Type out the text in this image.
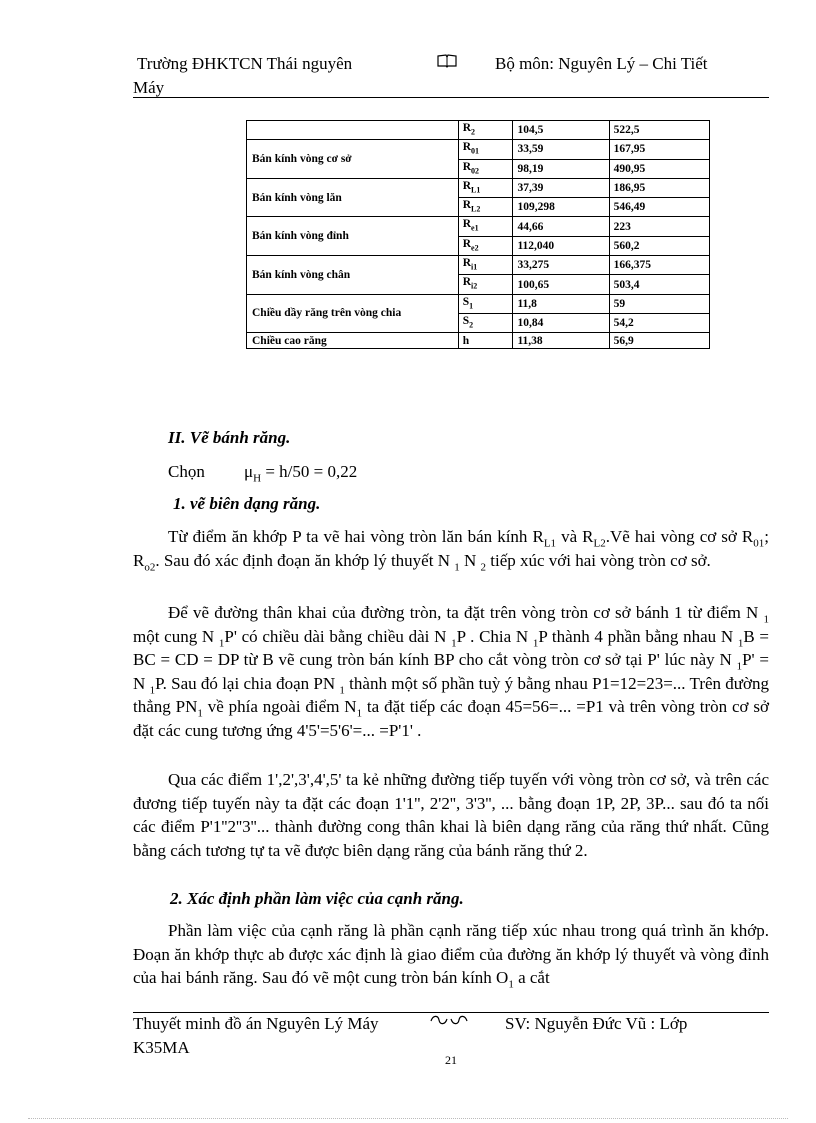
Trường ĐHKTCN Thái nguyên	Bộ môn: Nguyên Lý – Chi Tiết
Máy
	$R_2$	104,5	522,5
Bán kính vòng cơ sở	$R_{01}$	33,59	167,95
	$R_{02}$	98,19	490,95
Bán kính vòng lăn	$R_{L1}$	37,39	186,95
	$R_{L2}$	109,298	546,49
Bán kính vòng đỉnh	$R_{e1}$	44,66	223
	$R_{e2}$	112,040	560,2
Bán kính vòng chân	$R_{i1}$	33,275	166,375
	$R_{i2}$	100,65	503,4
Chiều dầy răng trên vòng chia	$S_1$	11,8	59
	$S_2$	10,84	54,2
Chiều cao răng	h	11,38	56,9
II. Vẽ bánh răng.
Chọn $\mu_H = h/50 = 0,22$
1. vẽ biên dạng răng.
Từ điểm ăn khớp P ta vẽ hai vòng tròn lăn bán kính $R_{L1}$ và $R_{L2}.Vẽ$ hai vòng cơ sở $R_{01}$; $R_{o2}$. Sau đó xác định đoạn ăn khớp lý thuyết N $_1$ N $_2$ tiếp xúc với hai vòng tròn cơ sở.
Để vẽ đường thân khai của đường tròn, ta đặt trên vòng tròn cơ sở bánh 1 từ điểm N $_1$ một cung N $_1$P' có chiều dài bằng chiều dài N $_1$P . Chia N $_1$P thành 4 phần bằng nhau N $_1$B = BC = CD = DP từ B vẽ cung tròn bán kính BP cho cắt vòng tròn cơ sở tại P' lúc này N $_1$P' = N $_1$P. Sau đó lại chia đoạn PN $_1$ thành một số phần tuỳ ý bằng nhau P1=12=23=... Trên đường thẳng $PN_1$ về phía ngoài điểm $N_1$ ta đặt tiếp các đoạn 45=56=... =P1 và trên vòng tròn cơ sở đặt các cung tương ứng 4'5'=5'6'=... =P'1' .
Qua các điểm 1',2',3',4',5' ta kẻ những đường tiếp tuyến với vòng tròn cơ sở, và trên các đương tiếp tuyến này ta đặt các đoạn 1'1'', 2'2'', 3'3'', ... bằng đoạn 1P, 2P, 3P... sau đó ta nối các điểm P'1''2''3''... thành đường cong thân khai là biên dạng răng của răng thứ nhất. Cũng bằng cách tương tự ta vẽ được biên dạng răng của bánh răng thứ 2.
2. Xác định phần làm việc của cạnh răng.
Phần làm việc của cạnh răng là phần cạnh răng tiếp xúc nhau trong quá trình ăn khớp. Đoạn ăn khớp thực ab được xác định là giao điểm của đường ăn khớp lý thuyết và vòng đỉnh của hai bánh răng. Sau đó vẽ một cung tròn bán kính $O_1$ a cắt
Thuyết minh đồ án Nguyên Lý Máy	SV: Nguyễn Đức Vũ : Lớp
K35MA
21
